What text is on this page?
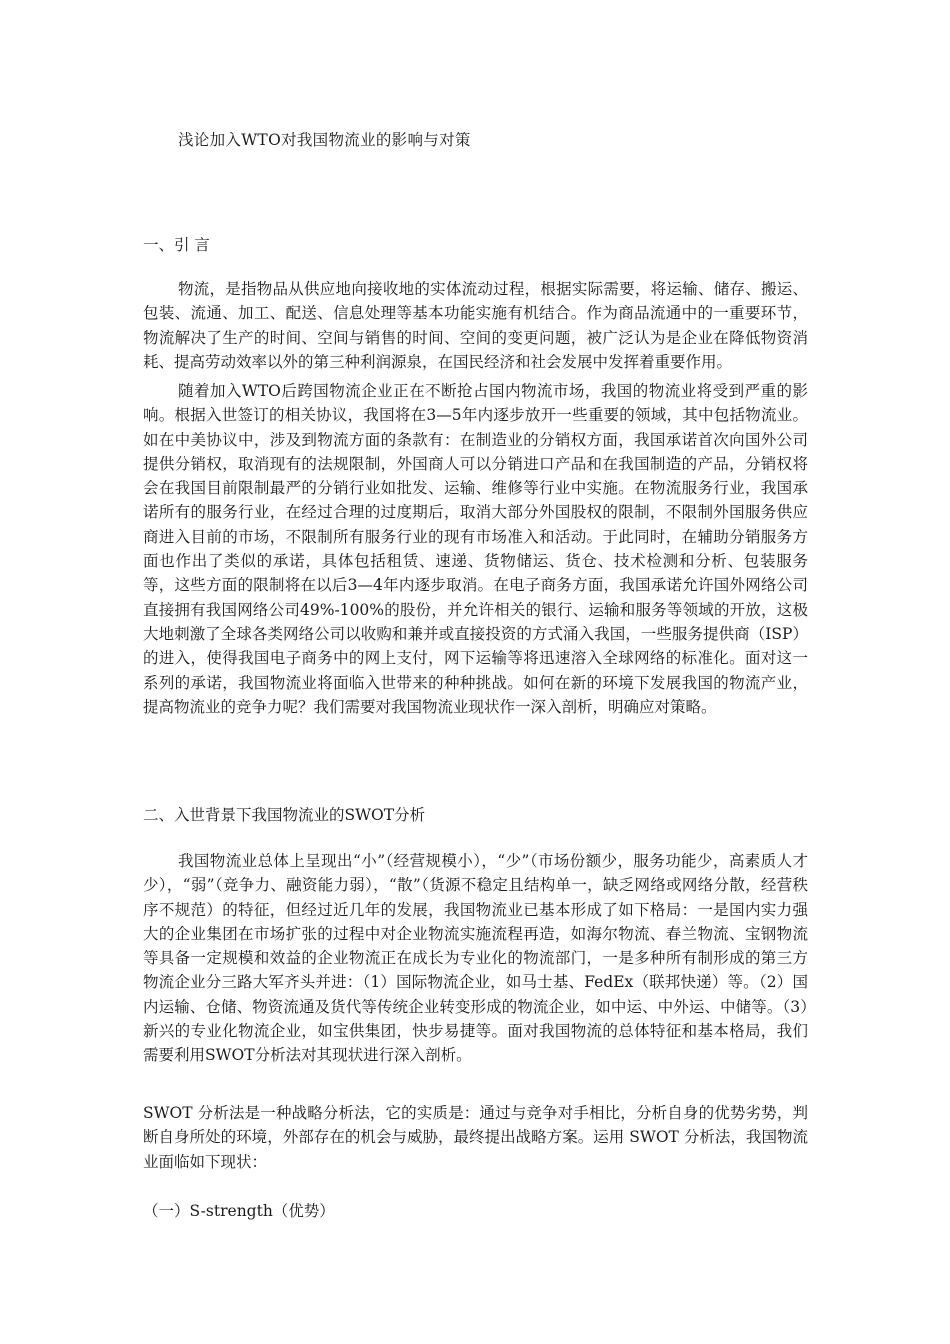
浅论加入WTO对我国物流业的影响与对策
一、引 言

物流，是指物品从供应地向接收地的实体流动过程，根据实际需要，将运输、储存、搬运、包装、流通、加工、配送、信息处理等基本功能实施有机结合。作为商品流通中的一重要环节，物流解决了生产的时间、空间与销售的时间、空间的变更问题，被广泛认为是企业在降低物资消耗、提高劳动效率以外的第三种利润源泉，在国民经济和社会发展中发挥着重要作用。

随着加入WTO后跨国物流企业正在不断抢占国内物流市场，我国的物流业将受到严重的影响。根据入世签订的相关协议，我国将在3—5年内逐步放开一些重要的领域，其中包括物流业。如在中美协议中，涉及到物流方面的条款有：在制造业的分销权方面，我国承诺首次向国外公司提供分销权，取消现有的法规限制，外国商人可以分销进口产品和在我国制造的产品，分销权将会在我国目前限制最严的分销行业如批发、运输、维修等行业中实施。在物流服务行业，我国承诺所有的服务行业，在经过合理的过度期后，取消大部分外国股权的限制，不限制外国服务供应商进入目前的市场，不限制所有服务行业的现有市场准入和活动。于此同时，在辅助分销服务方面也作出了类似的承诺，具体包括租赁、速递、货物储运、货仓、技术检测和分析、包装服务等，这些方面的限制将在以后3—4年内逐步取消。在电子商务方面，我国承诺允许国外网络公司直接拥有我国网络公司49%-100%的股份，并允许相关的银行、运输和服务等领域的开放，这极大地刺激了全球各类网络公司以收购和兼并或直接投资的方式涌入我国，一些服务提供商（ISP）的进入，使得我国电子商务中的网上支付，网下运输等将迅速溶入全球网络的标准化。面对这一系列的承诺，我国物流业将面临入世带来的种种挑战。如何在新的环境下发展我国的物流产业，提高物流业的竞争力呢？我们需要对我国物流业现状作一深入剖析，明确应对策略。

二、入世背景下我国物流业的SWOT分析

我国物流业总体上呈现出“小”（经营规模小），“少”（市场份额少，服务功能少，高素质人才少），“弱”（竞争力、融资能力弱），“散”（货源不稳定且结构单一，缺乏网络或网络分散，经营秩序不规范）的特征，但经过近几年的发展，我国物流业已基本形成了如下格局：一是国内实力强大的企业集团在市场扩张的过程中对企业物流实施流程再造，如海尔物流、春兰物流、宝钢物流等具备一定规模和效益的企业物流正在成长为专业化的物流部门，一是多种所有制形成的第三方物流企业分三路大军齐头并进：（1）国际物流企业，如马士基、FedEx（联邦快递）等。（2）国内运输、仓储、物资流通及货代等传统企业转变形成的物流企业，如中运、中外运、中储等。（3）新兴的专业化物流企业，如宝供集团，快步易捷等。面对我国物流的总体特征和基本格局，我们需要利用SWOT分析法对其现状进行深入剖析。

SWOT 分析法是一种战略分析法，它的实质是：通过与竞争对手相比，分析自身的优势劣势，判断自身所处的环境，外部存在的机会与威胁，最终提出战略方案。运用 SWOT 分析法，我国物流业面临如下现状：

（一）S-strength（优势）
